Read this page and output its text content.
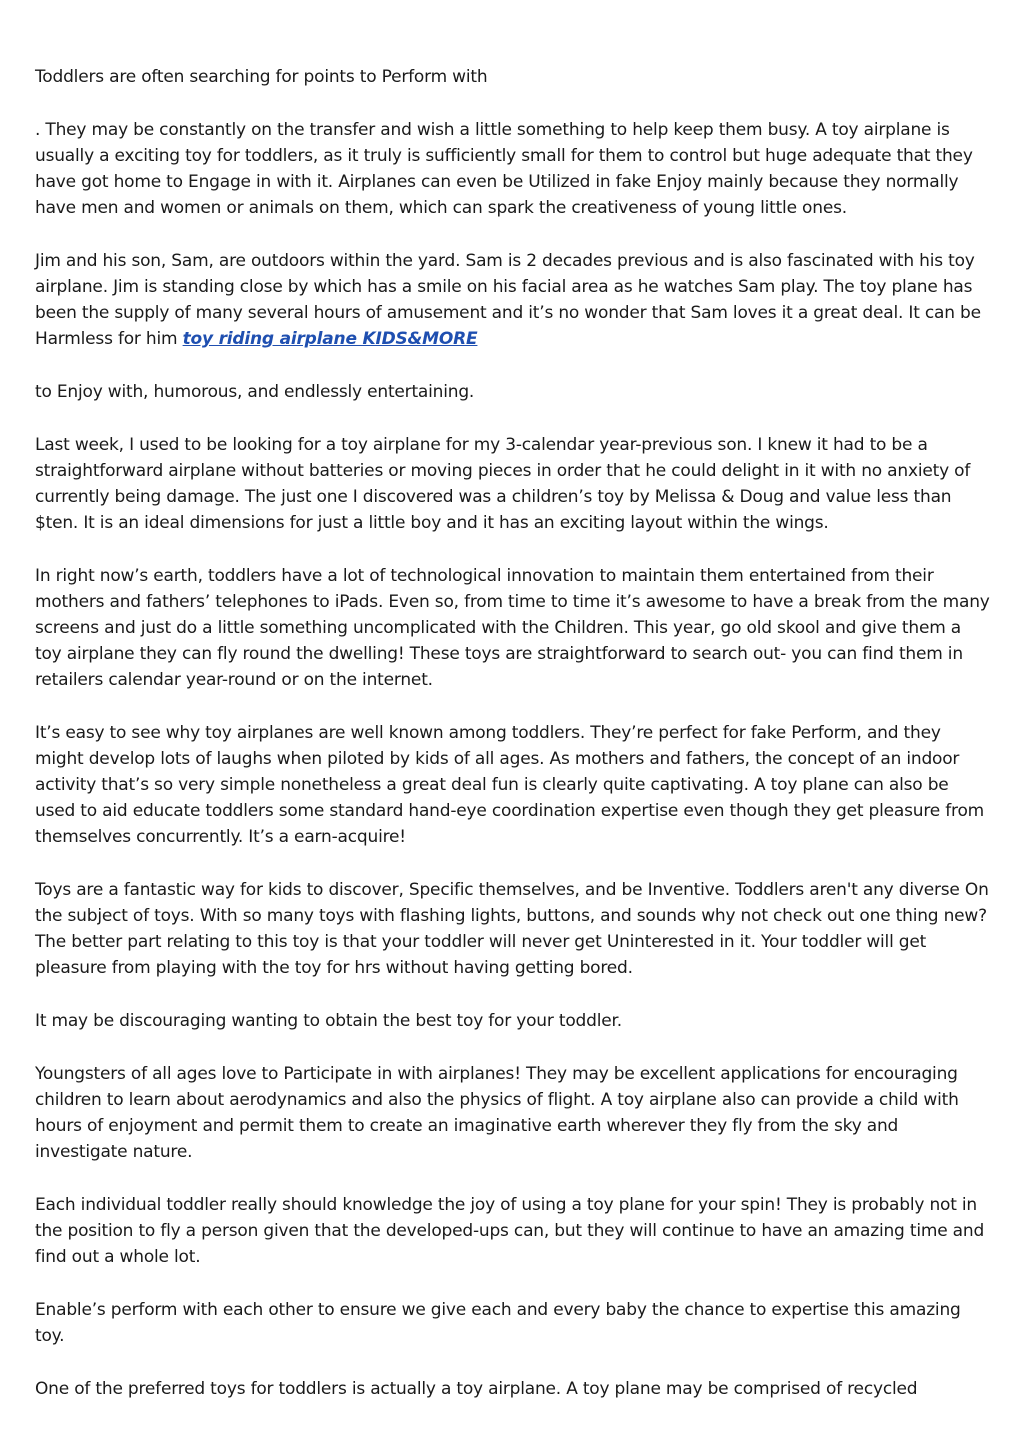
Toddlers are often searching for points to Perform with

. They may be constantly on the transfer and wish a little something to help keep them busy. A toy airplane is usually a exciting toy for toddlers, as it truly is sufficiently small for them to control but huge adequate that they have got home to Engage in with it. Airplanes can even be Utilized in fake Enjoy mainly because they normally have men and women or animals on them, which can spark the creativeness of young little ones.

Jim and his son, Sam, are outdoors within the yard. Sam is 2 decades previous and is also fascinated with his toy airplane. Jim is standing close by which has a smile on his facial area as he watches Sam play. The toy plane has been the supply of many several hours of amusement and it’s no wonder that Sam loves it a great deal. It can be Harmless for him toy riding airplane KIDS&MORE

to Enjoy with, humorous, and endlessly entertaining.

Last week, I used to be looking for a toy airplane for my 3-calendar year-previous son. I knew it had to be a straightforward airplane without batteries or moving pieces in order that he could delight in it with no anxiety of currently being damage. The just one I discovered was a children’s toy by Melissa & Doug and value less than $ten. It is an ideal dimensions for just a little boy and it has an exciting layout within the wings.

In right now’s earth, toddlers have a lot of technological innovation to maintain them entertained from their mothers and fathers’ telephones to iPads. Even so, from time to time it’s awesome to have a break from the many screens and just do a little something uncomplicated with the Children. This year, go old skool and give them a toy airplane they can fly round the dwelling! These toys are straightforward to search out- you can find them in retailers calendar year-round or on the internet.

It’s easy to see why toy airplanes are well known among toddlers. They’re perfect for fake Perform, and they might develop lots of laughs when piloted by kids of all ages. As mothers and fathers, the concept of an indoor activity that’s so very simple nonetheless a great deal fun is clearly quite captivating. A toy plane can also be used to aid educate toddlers some standard hand-eye coordination expertise even though they get pleasure from themselves concurrently. It’s a earn-acquire!

Toys are a fantastic way for kids to discover, Specific themselves, and be Inventive. Toddlers aren't any diverse On the subject of toys. With so many toys with flashing lights, buttons, and sounds why not check out one thing new? The better part relating to this toy is that your toddler will never get Uninterested in it. Your toddler will get pleasure from playing with the toy for hrs without having getting bored.

It may be discouraging wanting to obtain the best toy for your toddler.

Youngsters of all ages love to Participate in with airplanes! They may be excellent applications for encouraging children to learn about aerodynamics and also the physics of flight. A toy airplane also can provide a child with hours of enjoyment and permit them to create an imaginative earth wherever they fly from the sky and investigate nature.

Each individual toddler really should knowledge the joy of using a toy plane for your spin! They is probably not in the position to fly a person given that the developed-ups can, but they will continue to have an amazing time and find out a whole lot.

Enable’s perform with each other to ensure we give each and every baby the chance to expertise this amazing toy.

One of the preferred toys for toddlers is actually a toy airplane. A toy plane may be comprised of recycled
